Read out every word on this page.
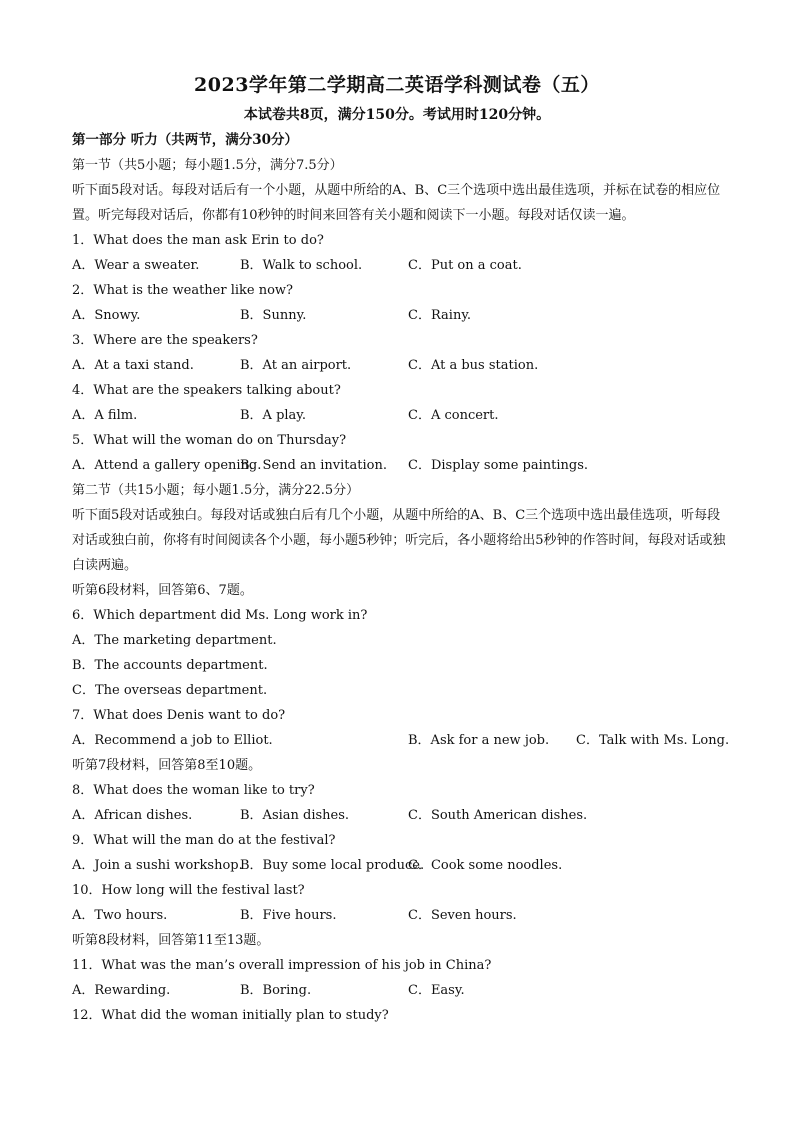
2023学年第二学期高二英语学科测试卷（五）
本试卷共8页，满分150分。考试用时120分钟。
第一部分 听力（共两节，满分30分）
第一节（共5小题；每小题1.5分，满分7.5分）
听下面5段对话。每段对话后有一个小题，从题中所给的A、B、C三个选项中选出最佳选项，并标在试卷的相应位置。听完每段对话后，你都有10秒钟的时间来回答有关小题和阅读下一小题。每段对话仅读一遍。
1．What does the man ask Erin to do?
A．Wear a sweater.	B．Walk to school.	C．Put on a coat.
2．What is the weather like now?
A．Snowy.	B．Sunny.	C．Rainy.
3．Where are the speakers?
A．At a taxi stand.	B．At an airport.	C．At a bus station.
4．What are the speakers talking about?
A．A film.	B．A play.	C．A concert.
5．What will the woman do on Thursday?
A．Attend a gallery opening.
B．Send an invitation. C．Display some paintings.
第二节（共15小题；每小题1.5分，满分22.5分）
听下面5段对话或独白。每段对话或独白后有几个小题，从题中所给的A、B、C三个选项中选出最佳选项，听每段对话或独白前，你将有时间阅读各个小题，每小题5秒钟；听完后，各小题将给出5秒钟的作答时间，每段对话或独白读两遍。
听第6段材料，回答第6、7题。
6．Which department did Ms. Long work in?
A．The marketing department.
B．The accounts department.
C．The overseas department.
7．What does Denis want to do?
A．Recommend a job to Elliot.	B．Ask for a new job. C．Talk with Ms. Long.
听第7段材料，回答第8至10题。
8．What does the woman like to try?
A．African dishes.	B．Asian dishes.	C．South American dishes.
9．What will the man do at the festival?
A．Join a sushi workshop.
B．Buy some local produce.
C．Cook some noodles.
10．How long will the festival last?
A．Two hours.	B．Five hours.	C．Seven hours.
听第8段材料，回答第11至13题。
11．What was the man’s overall impression of his job in China?
A．Rewarding.	B．Boring.	C．Easy.
12．What did the woman initially plan to study?
